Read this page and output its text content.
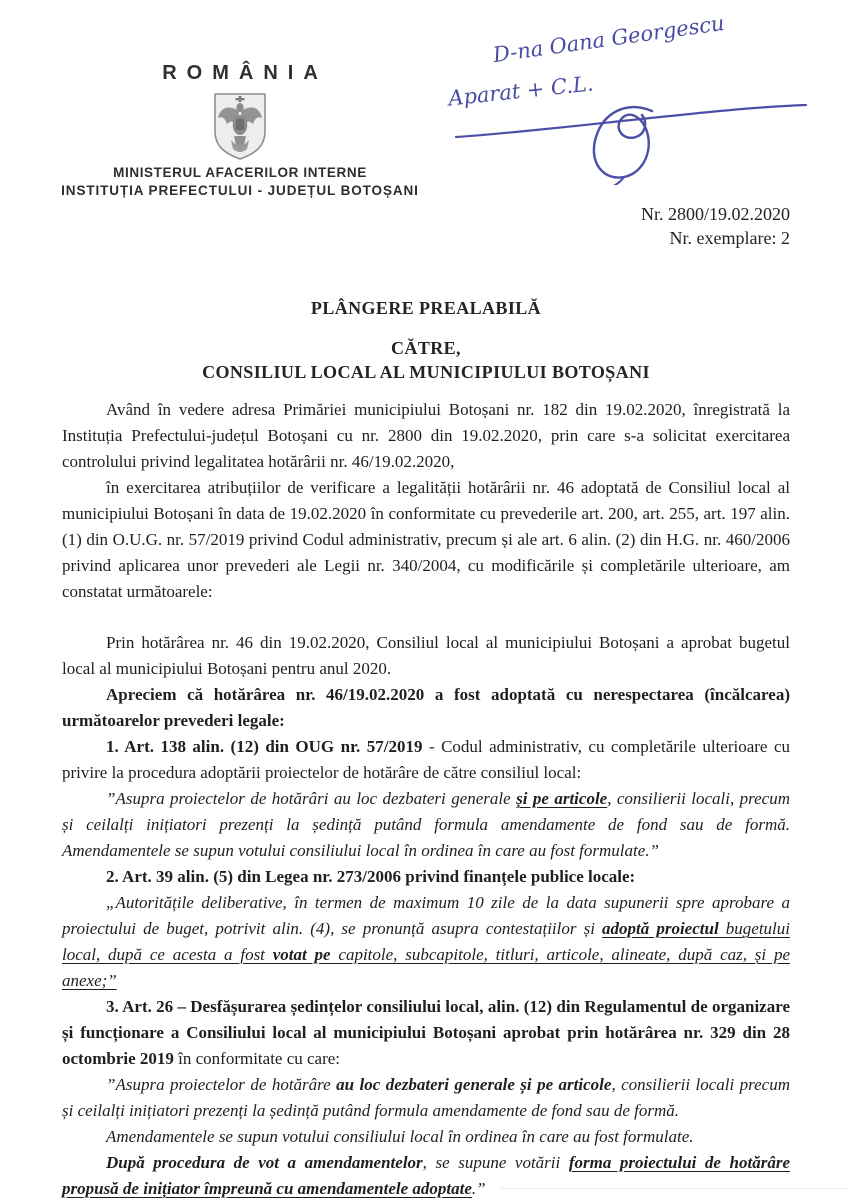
ROMÂNIA
MINISTERUL AFACERILOR INTERNE
INSTITUȚIA PREFECTULUI - JUDEȚUL BOTOȘANI
D-na Oana Georgescu
Aparat + C.L.
Nr. 2800/19.02.2020
Nr. exemplare: 2
PLÂNGERE PREALABILĂ
CĂTRE,
CONSILIUL LOCAL AL MUNICIPIULUI BOTOȘANI

Având în vedere adresa Primăriei municipiului Botoșani nr. 182 din 19.02.2020, înregistrată la Instituția Prefectului-județul Botoșani cu nr. 2800 din 19.02.2020, prin care s-a solicitat exercitarea controlului privind legalitatea hotărârii nr. 46/19.02.2020,

în exercitarea atribuțiilor de verificare a legalității hotărârii nr. 46 adoptată de Consiliul local al municipiului Botoșani în data de 19.02.2020 în conformitate cu prevederile art. 200, art. 255, art. 197 alin. (1) din O.U.G. nr. 57/2019 privind Codul administrativ, precum și ale art. 6 alin. (2) din H.G. nr. 460/2006 privind aplicarea unor prevederi ale Legii nr. 340/2004, cu modificările și completările ulterioare, am constatat următoarele:

Prin hotărârea nr. 46 din 19.02.2020, Consiliul local al municipiului Botoșani a aprobat bugetul local al municipiului Botoșani pentru anul 2020.

Apreciem că hotărârea nr. 46/19.02.2020 a fost adoptată cu nerespectarea (încălcarea) următoarelor prevederi legale:

1. Art. 138 alin. (12) din OUG nr. 57/2019 - Codul administrativ, cu completările ulterioare cu privire la procedura adoptării proiectelor de hotărâre de către consiliul local:

”Asupra proiectelor de hotărâri au loc dezbateri generale și pe articole, consilierii locali, precum și ceilalți inițiatori prezenți la ședință putând formula amendamente de fond sau de formă. Amendamentele se supun votului consiliului local în ordinea în care au fost formulate.”

2. Art. 39 alin. (5) din Legea nr. 273/2006 privind finanțele publice locale:

„Autoritățile deliberative, în termen de maximum 10 zile de la data supunerii spre aprobare a proiectului de buget, potrivit alin. (4), se pronunță asupra contestațiilor și adoptă proiectul bugetului local, după ce acesta a fost votat pe capitole, subcapitole, titluri, articole, alineate, după caz, și pe anexe;”

3. Art. 26 – Desfășurarea ședințelor consiliului local, alin. (12) din Regulamentul de organizare și funcționare a Consiliului local al municipiului Botoșani aprobat prin hotărârea nr. 329 din 28 octombrie 2019 în conformitate cu care:

”Asupra proiectelor de hotărâre au loc dezbateri generale și pe articole, consilierii locali precum și ceilalți inițiatori prezenți la ședință putând formula amendamente de fond sau de formă.

Amendamentele se supun votului consiliului local în ordinea în care au fost formulate.

După procedura de vot a amendamentelor, se supune votării forma proiectului de hotărâre propusă de inițiator împreună cu amendamentele adoptate.”
